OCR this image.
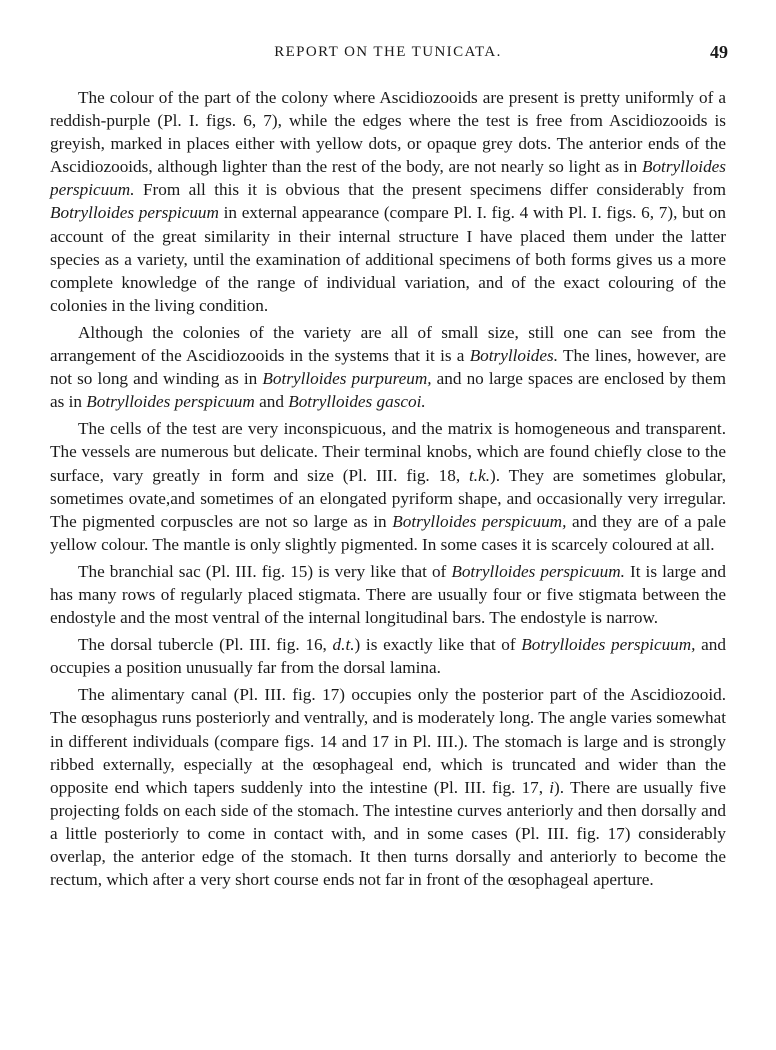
REPORT ON THE TUNICATA.	49

The colour of the part of the colony where Ascidiozooids are present is pretty uniformly of a reddish-purple (Pl. I. figs. 6, 7), while the edges where the test is free from Ascidiozooids is greyish, marked in places either with yellow dots, or opaque grey dots. The anterior ends of the Ascidiozooids, although lighter than the rest of the body, are not nearly so light as in Botrylloides perspicuum. From all this it is obvious that the present specimens differ considerably from Botrylloides perspicuum in external appearance (compare Pl. I. fig. 4 with Pl. I. figs. 6, 7), but on account of the great similarity in their internal structure I have placed them under the latter species as a variety, until the examination of additional specimens of both forms gives us a more complete knowledge of the range of individual variation, and of the exact colouring of the colonies in the living condition.

Although the colonies of the variety are all of small size, still one can see from the arrangement of the Ascidiozooids in the systems that it is a Botrylloides. The lines, however, are not so long and winding as in Botrylloides purpureum, and no large spaces are enclosed by them as in Botrylloides perspicuum and Botrylloides gascoi.

The cells of the test are very inconspicuous, and the matrix is homogeneous and transparent. The vessels are numerous but delicate. Their terminal knobs, which are found chiefly close to the surface, vary greatly in form and size (Pl. III. fig. 18, t.k.). They are sometimes globular, sometimes ovate,and sometimes of an elongated pyriform shape, and occasionally very irregular. The pigmented corpuscles are not so large as in Botrylloides perspicuum, and they are of a pale yellow colour. The mantle is only slightly pigmented. In some cases it is scarcely coloured at all.

The branchial sac (Pl. III. fig. 15) is very like that of Botrylloides perspicuum. It is large and has many rows of regularly placed stigmata. There are usually four or five stigmata between the endostyle and the most ventral of the internal longitudinal bars. The endostyle is narrow.

The dorsal tubercle (Pl. III. fig. 16, d.t.) is exactly like that of Botrylloides perspicuum, and occupies a position unusually far from the dorsal lamina.

The alimentary canal (Pl. III. fig. 17) occupies only the posterior part of the Ascidiozooid. The œsophagus runs posteriorly and ventrally, and is moderately long. The angle varies somewhat in different individuals (compare figs. 14 and 17 in Pl. III.). The stomach is large and is strongly ribbed externally, especially at the œsophageal end, which is truncated and wider than the opposite end which tapers suddenly into the intestine (Pl. III. fig. 17, i). There are usually five projecting folds on each side of the stomach. The intestine curves anteriorly and then dorsally and a little posteriorly to come in contact with, and in some cases (Pl. III. fig. 17) considerably overlap, the anterior edge of the stomach. It then turns dorsally and anteriorly to become the rectum, which after a very short course ends not far in front of the œsophageal aperture.
